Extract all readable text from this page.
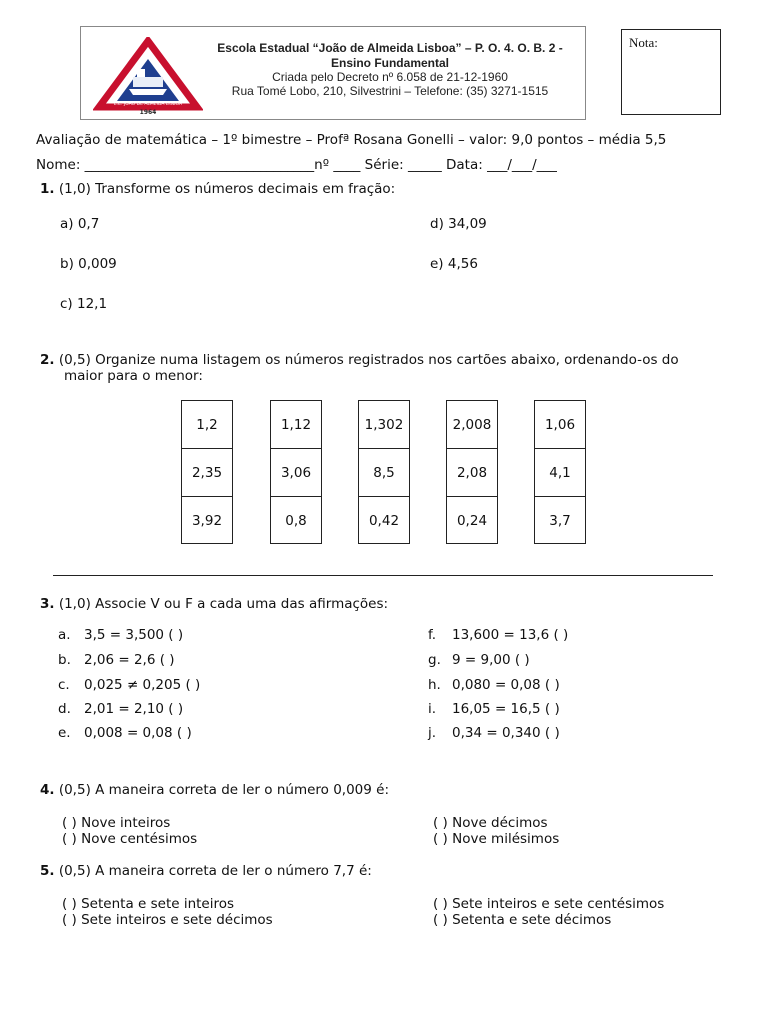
E.E. JOÃO DE ALMEIDA LISBOA
1964
Escola Estadual “João de Almeida Lisboa” – P. O. 4. O. B. 2 -
Ensino Fundamental
Criada pelo Decreto nº 6.058 de 21-12-1960
Rua Tomé Lobo, 210, Silvestrini – Telefone: (35) 3271-1515
Nota:
Avaliação de matemática – 1º bimestre – Profª Rosana Gonelli – valor: 9,0 pontos – média 5,5
Nome: __________________________________nº ____ Série: _____ Data: ___/___/___
1. (1,0) Transforme os números decimais em fração:
a) 0,7
b) 0,009
c) 12,1
d) 34,09
e) 4,56
2. (0,5) Organize numa listagem os números registrados nos cartões abaixo, ordenando-os do
maior para o menor:
1,2
2,35
3,92
1,12
3,06
0,8
1,302
8,5
0,42
2,008
2,08
0,24
1,06
4,1
3,7
3. (1,0) Associe V ou F a cada uma das afirmações:
a. 3,5 = 3,500 ( )
b. 2,06 = 2,6 ( )
c. 0,025 ≠ 0,205 ( )
d. 2,01 = 2,10 ( )
e. 0,008 = 0,08 ( )
f. 13,600 = 13,6 ( )
g. 9 = 9,00 ( )
h. 0,080 = 0,08 ( )
i. 16,05 = 16,5 ( )
j. 0,34 = 0,340 ( )
4. (0,5) A maneira correta de ler o número 0,009 é:
( ) Nove inteiros
( ) Nove centésimos
( ) Nove décimos
( ) Nove milésimos
5. (0,5) A maneira correta de ler o número 7,7 é:
( ) Setenta e sete inteiros
( ) Sete inteiros e sete décimos
( ) Sete inteiros e sete centésimos
( ) Setenta e sete décimos
